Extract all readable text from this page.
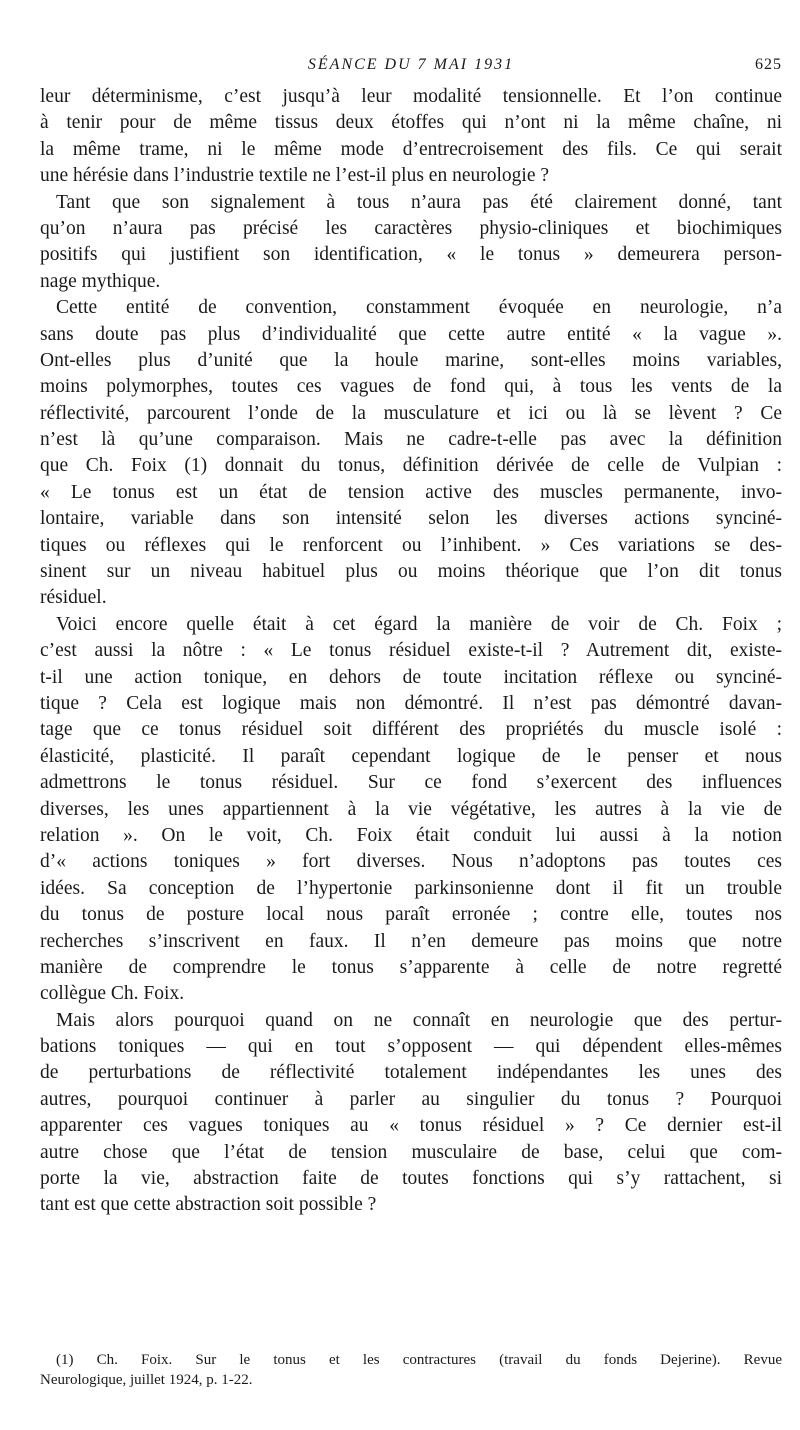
SÉANCE DU 7 MAI 1931	625
leur déterminisme, c’est jusqu’à leur modalité tensionnelle. Et l’on continue
à tenir pour de même tissus deux étoffes qui n’ont ni la même chaîne, ni
la même trame, ni le même mode d’entrecroisement des fils. Ce qui serait
une hérésie dans l’industrie textile ne l’est-il plus en neurologie ?
Tant que son signalement à tous n’aura pas été clairement donné, tant
qu’on n’aura pas précisé les caractères physio-cliniques et biochimiques
positifs qui justifient son identification, « le tonus » demeurera person-
nage mythique.
Cette entité de convention, constamment évoquée en neurologie, n’a
sans doute pas plus d’individualité que cette autre entité « la vague ».
Ont-elles plus d’unité que la houle marine, sont-elles moins variables,
moins polymorphes, toutes ces vagues de fond qui, à tous les vents de la
réflectivité, parcourent l’onde de la musculature et ici ou là se lèvent ? Ce
n’est là qu’une comparaison. Mais ne cadre-t-elle pas avec la définition
que Ch. Foix (1) donnait du tonus, définition dérivée de celle de Vulpian :
« Le tonus est un état de tension active des muscles permanente, invo-
lontaire, variable dans son intensité selon les diverses actions synciné-
tiques ou réflexes qui le renforcent ou l’inhibent. » Ces variations se des-
sinent sur un niveau habituel plus ou moins théorique que l’on dit tonus
résiduel.
Voici encore quelle était à cet égard la manière de voir de Ch. Foix ;
c’est aussi la nôtre : « Le tonus résiduel existe-t-il ? Autrement dit, existe-
t-il une action tonique, en dehors de toute incitation réflexe ou synciné-
tique ? Cela est logique mais non démontré. Il n’est pas démontré davan-
tage que ce tonus résiduel soit différent des propriétés du muscle isolé :
élasticité, plasticité. Il paraît cependant logique de le penser et nous
admettrons le tonus résiduel. Sur ce fond s’exercent des influences
diverses, les unes appartiennent à la vie végétative, les autres à la vie de
relation ». On le voit, Ch. Foix était conduit lui aussi à la notion
d’« actions toniques » fort diverses. Nous n’adoptons pas toutes ces
idées. Sa conception de l’hypertonie parkinsonienne dont il fit un trouble
du tonus de posture local nous paraît erronée ; contre elle, toutes nos
recherches s’inscrivent en faux. Il n’en demeure pas moins que notre
manière de comprendre le tonus s’apparente à celle de notre regretté
collègue Ch. Foix.
Mais alors pourquoi quand on ne connaît en neurologie que des pertur-
bations toniques — qui en tout s’opposent — qui dépendent elles-mêmes
de perturbations de réflectivité totalement indépendantes les unes des
autres, pourquoi continuer à parler au singulier du tonus ? Pourquoi
apparenter ces vagues toniques au « tonus résiduel » ? Ce dernier est-il
autre chose que l’état de tension musculaire de base, celui que com-
porte la vie, abstraction faite de toutes fonctions qui s’y rattachent, si
tant est que cette abstraction soit possible ?
(1) Ch. Foix. Sur le tonus et les contractures (travail du fonds Dejerine). Revue
Neurologique, juillet 1924, p. 1-22.
